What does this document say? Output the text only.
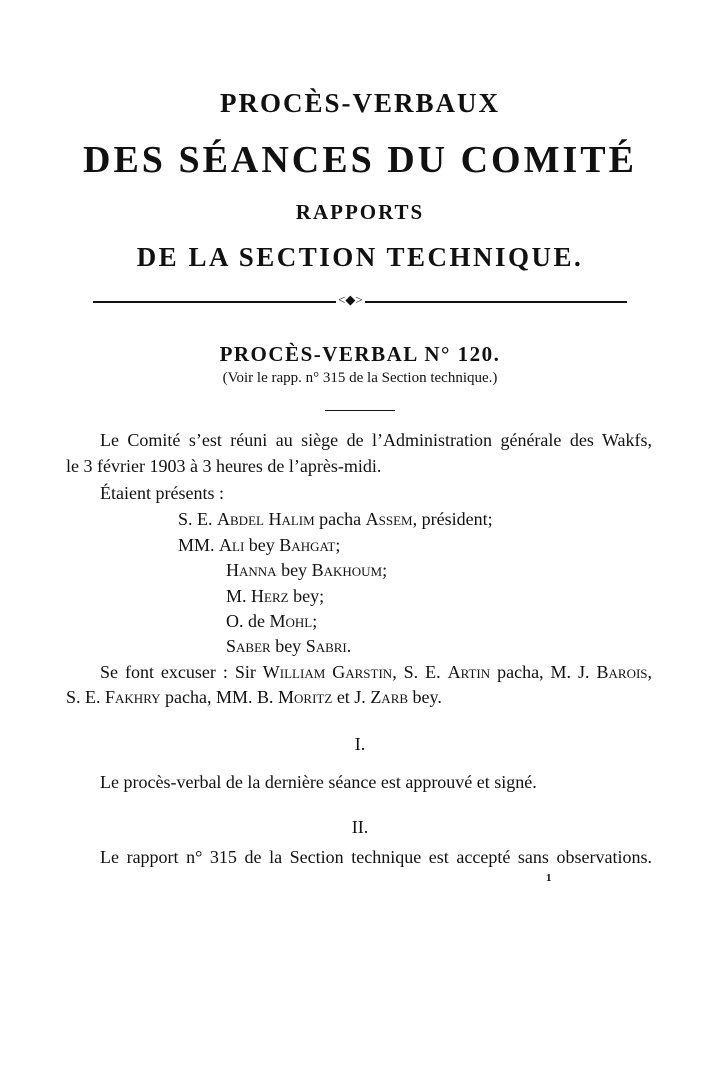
PROCÈS-VERBAUX
DES SÉANCES DU COMITÉ
RAPPORTS
DE LA SECTION TECHNIQUE.
<◆>
PROCÈS-VERBAL N° 120.
(Voir le rapp. n° 315 de la Section technique.)
Le Comité s’est réuni au siège de l’Administration générale des Wakfs,
le 3 février 1903 à 3 heures de l’après-midi.
Étaient présents :
S. E. Abdel Halim pacha Assem, président;
MM. Ali bey Bahgat;
Hanna bey Bakhoum;
M. Herz bey;
O. de Mohl;
Saber bey Sabri.
Se font excuser : Sir William Garstin, S. E. Artin pacha, M. J. Barois,
S. E. Fakhry pacha, MM. B. Moritz et J. Zarb bey.
I.
Le procès-verbal de la dernière séance est approuvé et signé.
II.
Le rapport n° 315 de la Section technique est accepté sans observations.
1
